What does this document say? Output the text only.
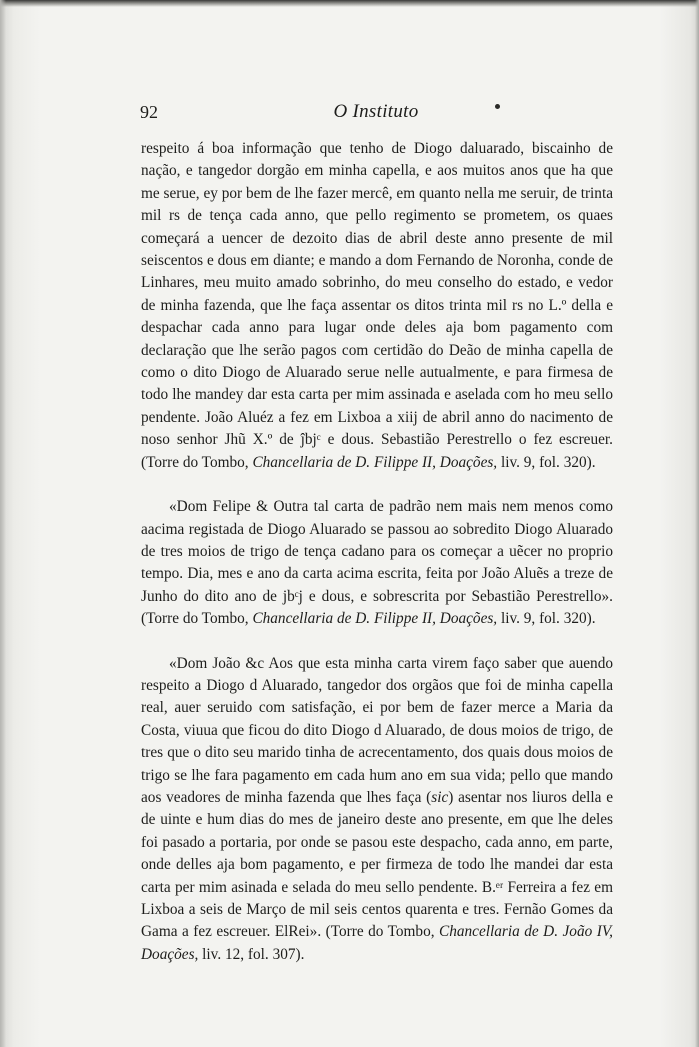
92	O Instituto

respeito á boa informação que tenho de Diogo daluarado, biscainho de nação, e tangedor dorgão em minha capella, e aos muitos anos que ha que me serue, ey por bem de lhe fazer mercê, em quanto nella me seruir, de trinta mil rs de tença cada anno, que pello regimento se prometem, os quaes começará a uencer de dezoito dias de abril deste anno presente de mil seiscentos e dous em diante; e mando a dom Fernando de Noronha, conde de Linhares, meu muito amado sobrinho, do meu conselho do estado, e vedor de minha fazenda, que lhe faça assentar os ditos trinta mil rs no L.º della e despachar cada anno para lugar onde deles aja bom pagamento com declaração que lhe serão pagos com certidão do Deão de minha capella de como o dito Diogo de Aluarado serue nelle autualmente, e para firmesa de todo lhe mandey dar esta carta per mim assinada e aselada com ho meu sello pendente. João Aluéz a fez em Lixboa a xiij de abril anno do nacimento de noso senhor Jhũ X.º de ĵbjᶜ e dous. Sebastião Perestrello o fez escreuer. (Torre do Tombo, Chancellaria de D. Filippe II, Doações, liv. 9, fol. 320).

«Dom Felipe & Outra tal carta de padrão nem mais nem menos como aacima registada de Diogo Aluarado se passou ao sobredito Diogo Aluarado de tres moios de trigo de tença cadano para os começar a uẽcer no proprio tempo. Dia, mes e ano da carta acima escrita, feita por João Aluẽs a treze de Junho do dito ano de jbᶜj e dous, e sobrescrita por Sebastião Perestrello». (Torre do Tombo, Chancellaria de D. Filippe II, Doações, liv. 9, fol. 320).

«Dom João &c Aos que esta minha carta virem faço saber que auendo respeito a Diogo d Aluarado, tangedor dos orgãos que foi de minha capella real, auer seruido com satisfação, ei por bem de fazer merce a Maria da Costa, viuua que ficou do dito Diogo d Aluarado, de dous moios de trigo, de tres que o dito seu marido tinha de acrecentamento, dos quais dous moios de trigo se lhe fara pagamento em cada hum ano em sua vida; pello que mando aos veadores de minha fazenda que lhes faça (sic) asentar nos liuros della e de uinte e hum dias do mes de janeiro deste ano presente, em que lhe deles foi pasado a portaria, por onde se pasou este despacho, cada anno, em parte, onde delles aja bom pagamento, e per firmeza de todo lhe mandei dar esta carta per mim asinada e selada do meu sello pendente. B.ᵉʳ Ferreira a fez em Lixboa a seis de Março de mil seis centos quarenta e tres. Fernão Gomes da Gama a fez escreuer. ElRei». (Torre do Tombo, Chancellaria de D. João IV, Doações, liv. 12, fol. 307).
